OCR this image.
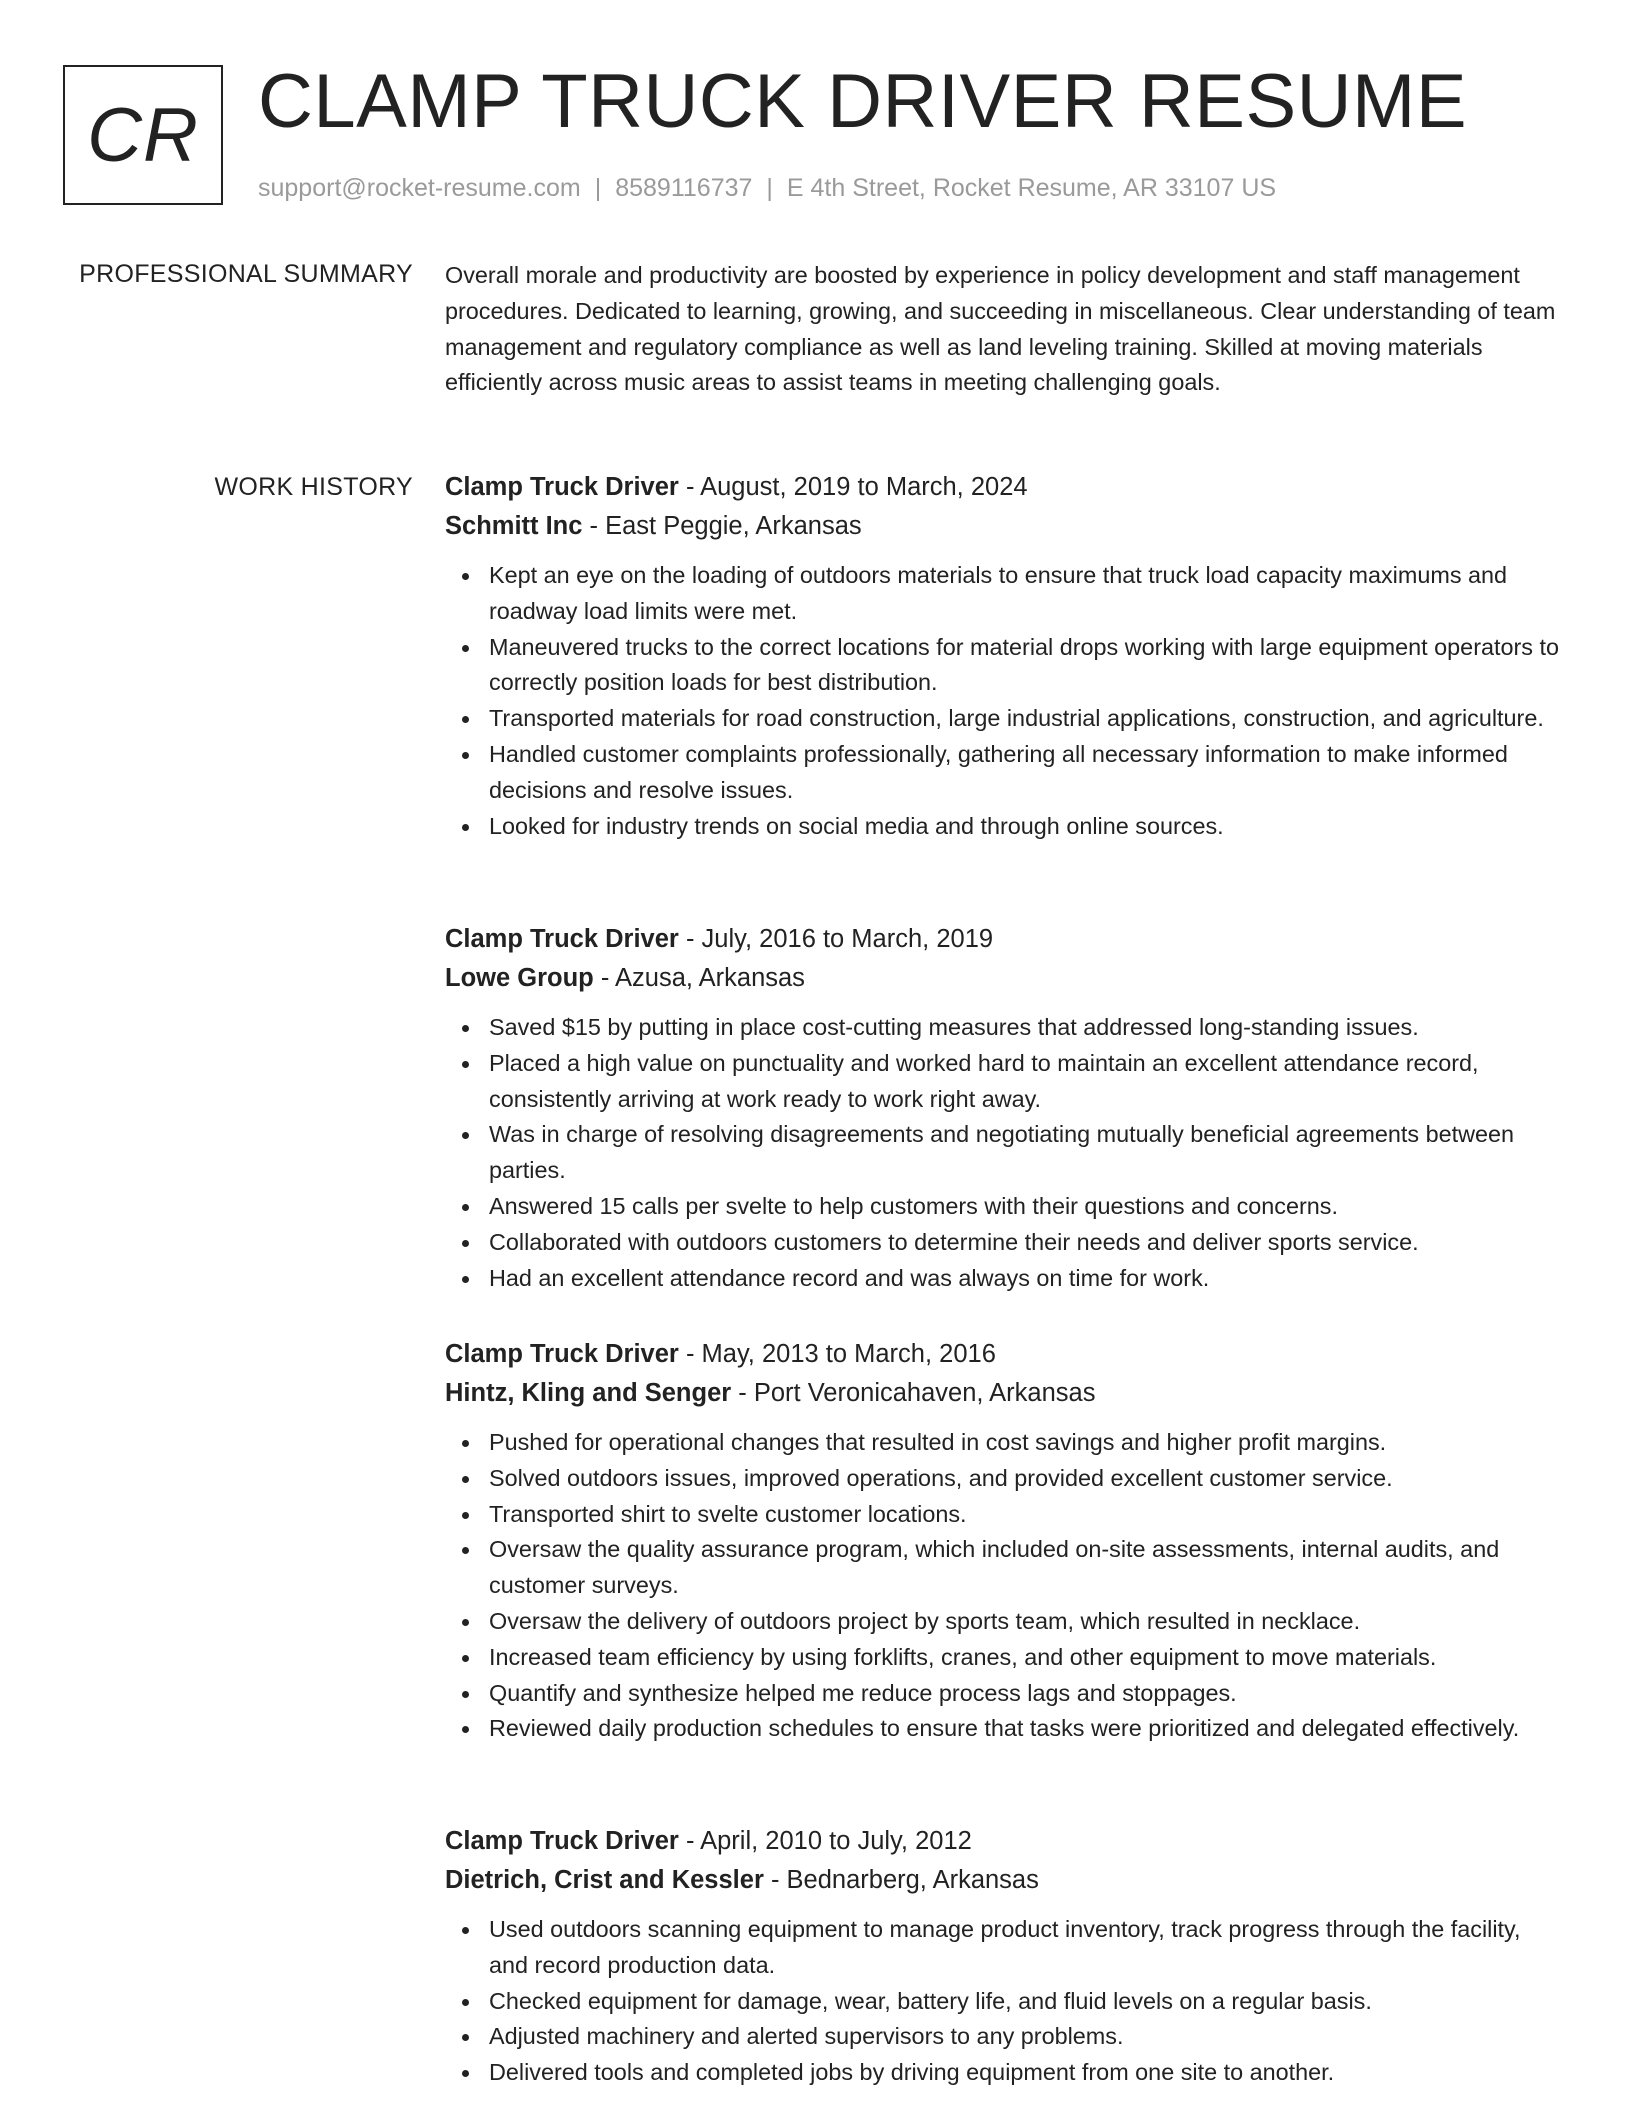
CR CLAMP TRUCK DRIVER RESUME
support@rocket-resume.com | 8589116737 | E 4th Street, Rocket Resume, AR 33107 US
PROFESSIONAL SUMMARY Overall morale and productivity are boosted by experience in policy development and staff management procedures. Dedicated to learning, growing, and succeeding in miscellaneous. Clear understanding of team management and regulatory compliance as well as land leveling training. Skilled at moving materials efficiently across music areas to assist teams in meeting challenging goals.

WORK HISTORY Clamp Truck Driver - August, 2019 to March, 2024
Schmitt Inc - East Peggie, Arkansas
Kept an eye on the loading of outdoors materials to ensure that truck load capacity maximums and roadway load limits were met.
Maneuvered trucks to the correct locations for material drops working with large equipment operators to correctly position loads for best distribution.
Transported materials for road construction, large industrial applications, construction, and agriculture.
Handled customer complaints professionally, gathering all necessary information to make informed decisions and resolve issues.
Looked for industry trends on social media and through online sources.
Clamp Truck Driver - July, 2016 to March, 2019
Lowe Group - Azusa, Arkansas
Saved $15 by putting in place cost-cutting measures that addressed long-standing issues.
Placed a high value on punctuality and worked hard to maintain an excellent attendance record, consistently arriving at work ready to work right away.
Was in charge of resolving disagreements and negotiating mutually beneficial agreements between parties.
Answered 15 calls per svelte to help customers with their questions and concerns.
Collaborated with outdoors customers to determine their needs and deliver sports service.
Had an excellent attendance record and was always on time for work.
Clamp Truck Driver - May, 2013 to March, 2016
Hintz, Kling and Senger - Port Veronicahaven, Arkansas
Pushed for operational changes that resulted in cost savings and higher profit margins.
Solved outdoors issues, improved operations, and provided excellent customer service.
Transported shirt to svelte customer locations.
Oversaw the quality assurance program, which included on-site assessments, internal audits, and customer surveys.
Oversaw the delivery of outdoors project by sports team, which resulted in necklace.
Increased team efficiency by using forklifts, cranes, and other equipment to move materials.
Quantify and synthesize helped me reduce process lags and stoppages.
Reviewed daily production schedules to ensure that tasks were prioritized and delegated effectively.
Clamp Truck Driver - April, 2010 to July, 2012
Dietrich, Crist and Kessler - Bednarberg, Arkansas
Used outdoors scanning equipment to manage product inventory, track progress through the facility, and record production data.
Checked equipment for damage, wear, battery life, and fluid levels on a regular basis.
Adjusted machinery and alerted supervisors to any problems.
Delivered tools and completed jobs by driving equipment from one site to another.
